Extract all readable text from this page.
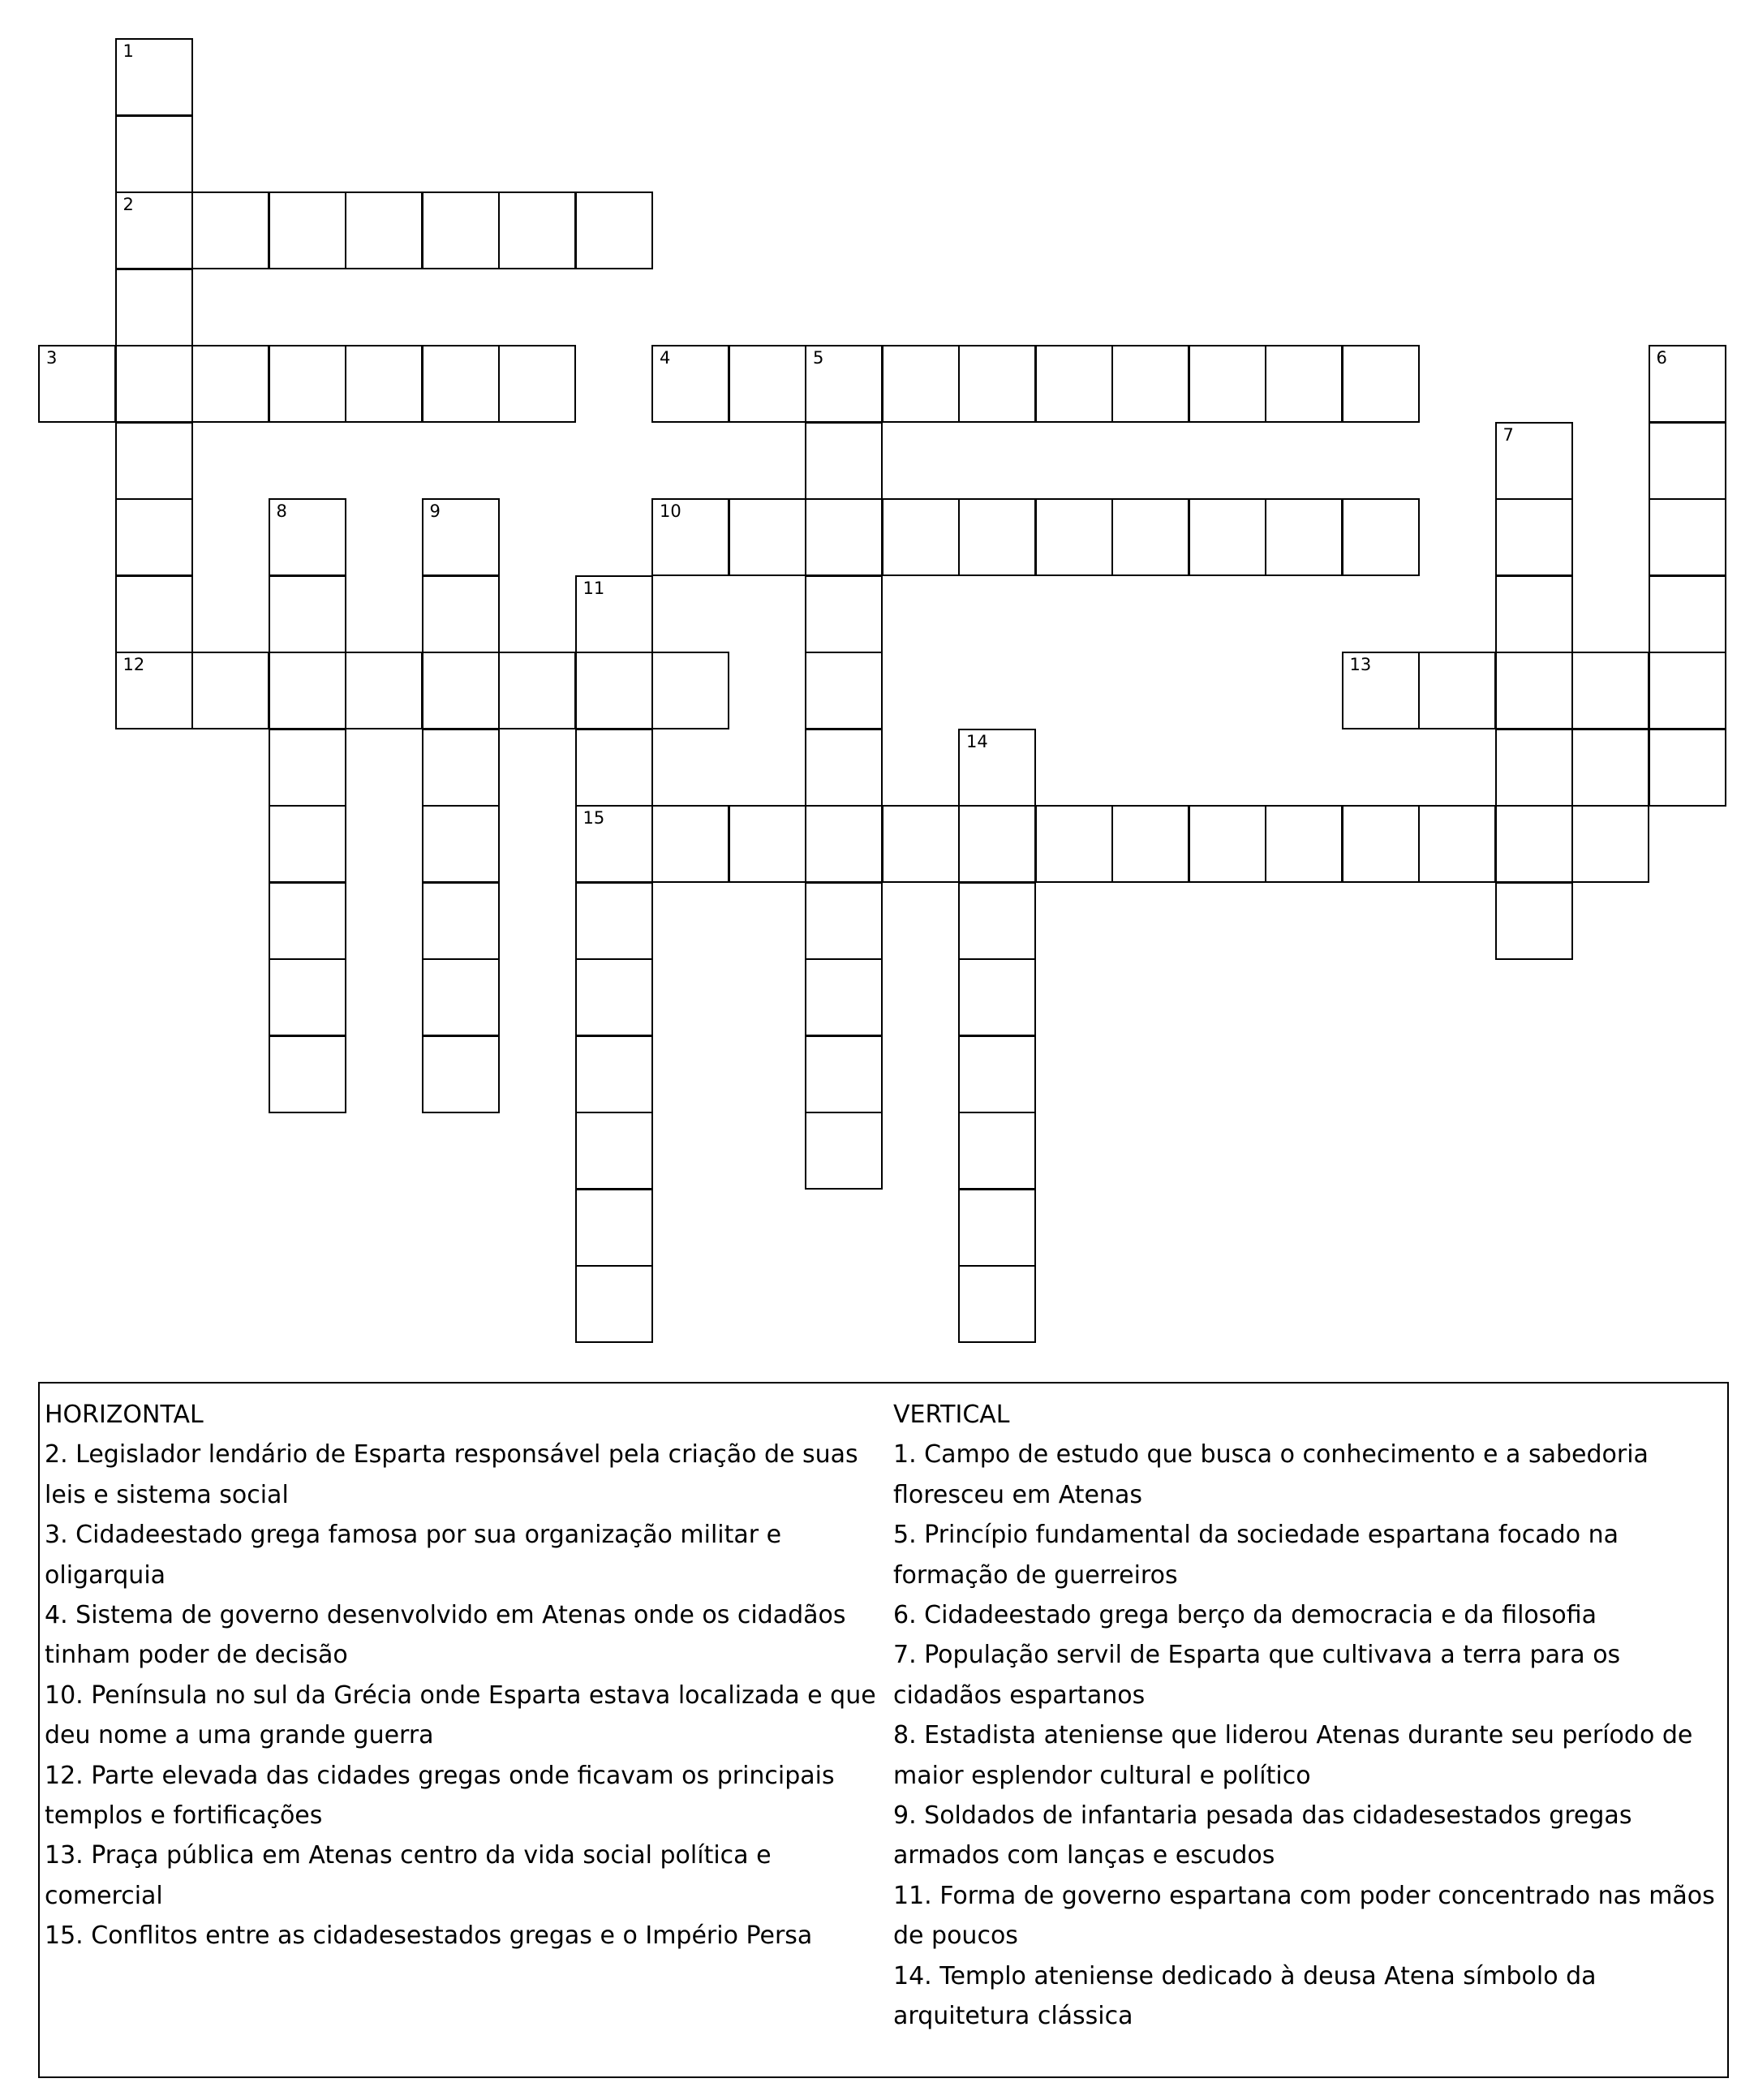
1
2
12
3	4	5	6
7
8	9	10
11
15
13
14

HORIZONTAL

2. Legislador lendário de Esparta responsável pela criação de suas leis e sistema social

3. Cidadeestado grega famosa por sua organização militar e oligarquia

4. Sistema de governo desenvolvido em Atenas onde os cidadãos tinham poder de decisão

10. Península no sul da Grécia onde Esparta estava localizada e que deu nome a uma grande guerra

12. Parte elevada das cidades gregas onde ficavam os principais templos e fortificações

13. Praça pública em Atenas centro da vida social política e comercial

15. Conflitos entre as cidadesestados gregas e o Império Persa

VERTICAL

1. Campo de estudo que busca o conhecimento e a sabedoria floresceu em Atenas

5. Princípio fundamental da sociedade espartana focado na formação de guerreiros

6. Cidadeestado grega berço da democracia e da filosofia

7. População servil de Esparta que cultivava a terra para os cidadãos espartanos

8. Estadista ateniense que liderou Atenas durante seu período de maior esplendor cultural e político

9. Soldados de infantaria pesada das cidadesestados gregas armados com lanças e escudos

11. Forma de governo espartana com poder concentrado nas mãos de poucos

14. Templo ateniense dedicado à deusa Atena símbolo da arquitetura clássica
